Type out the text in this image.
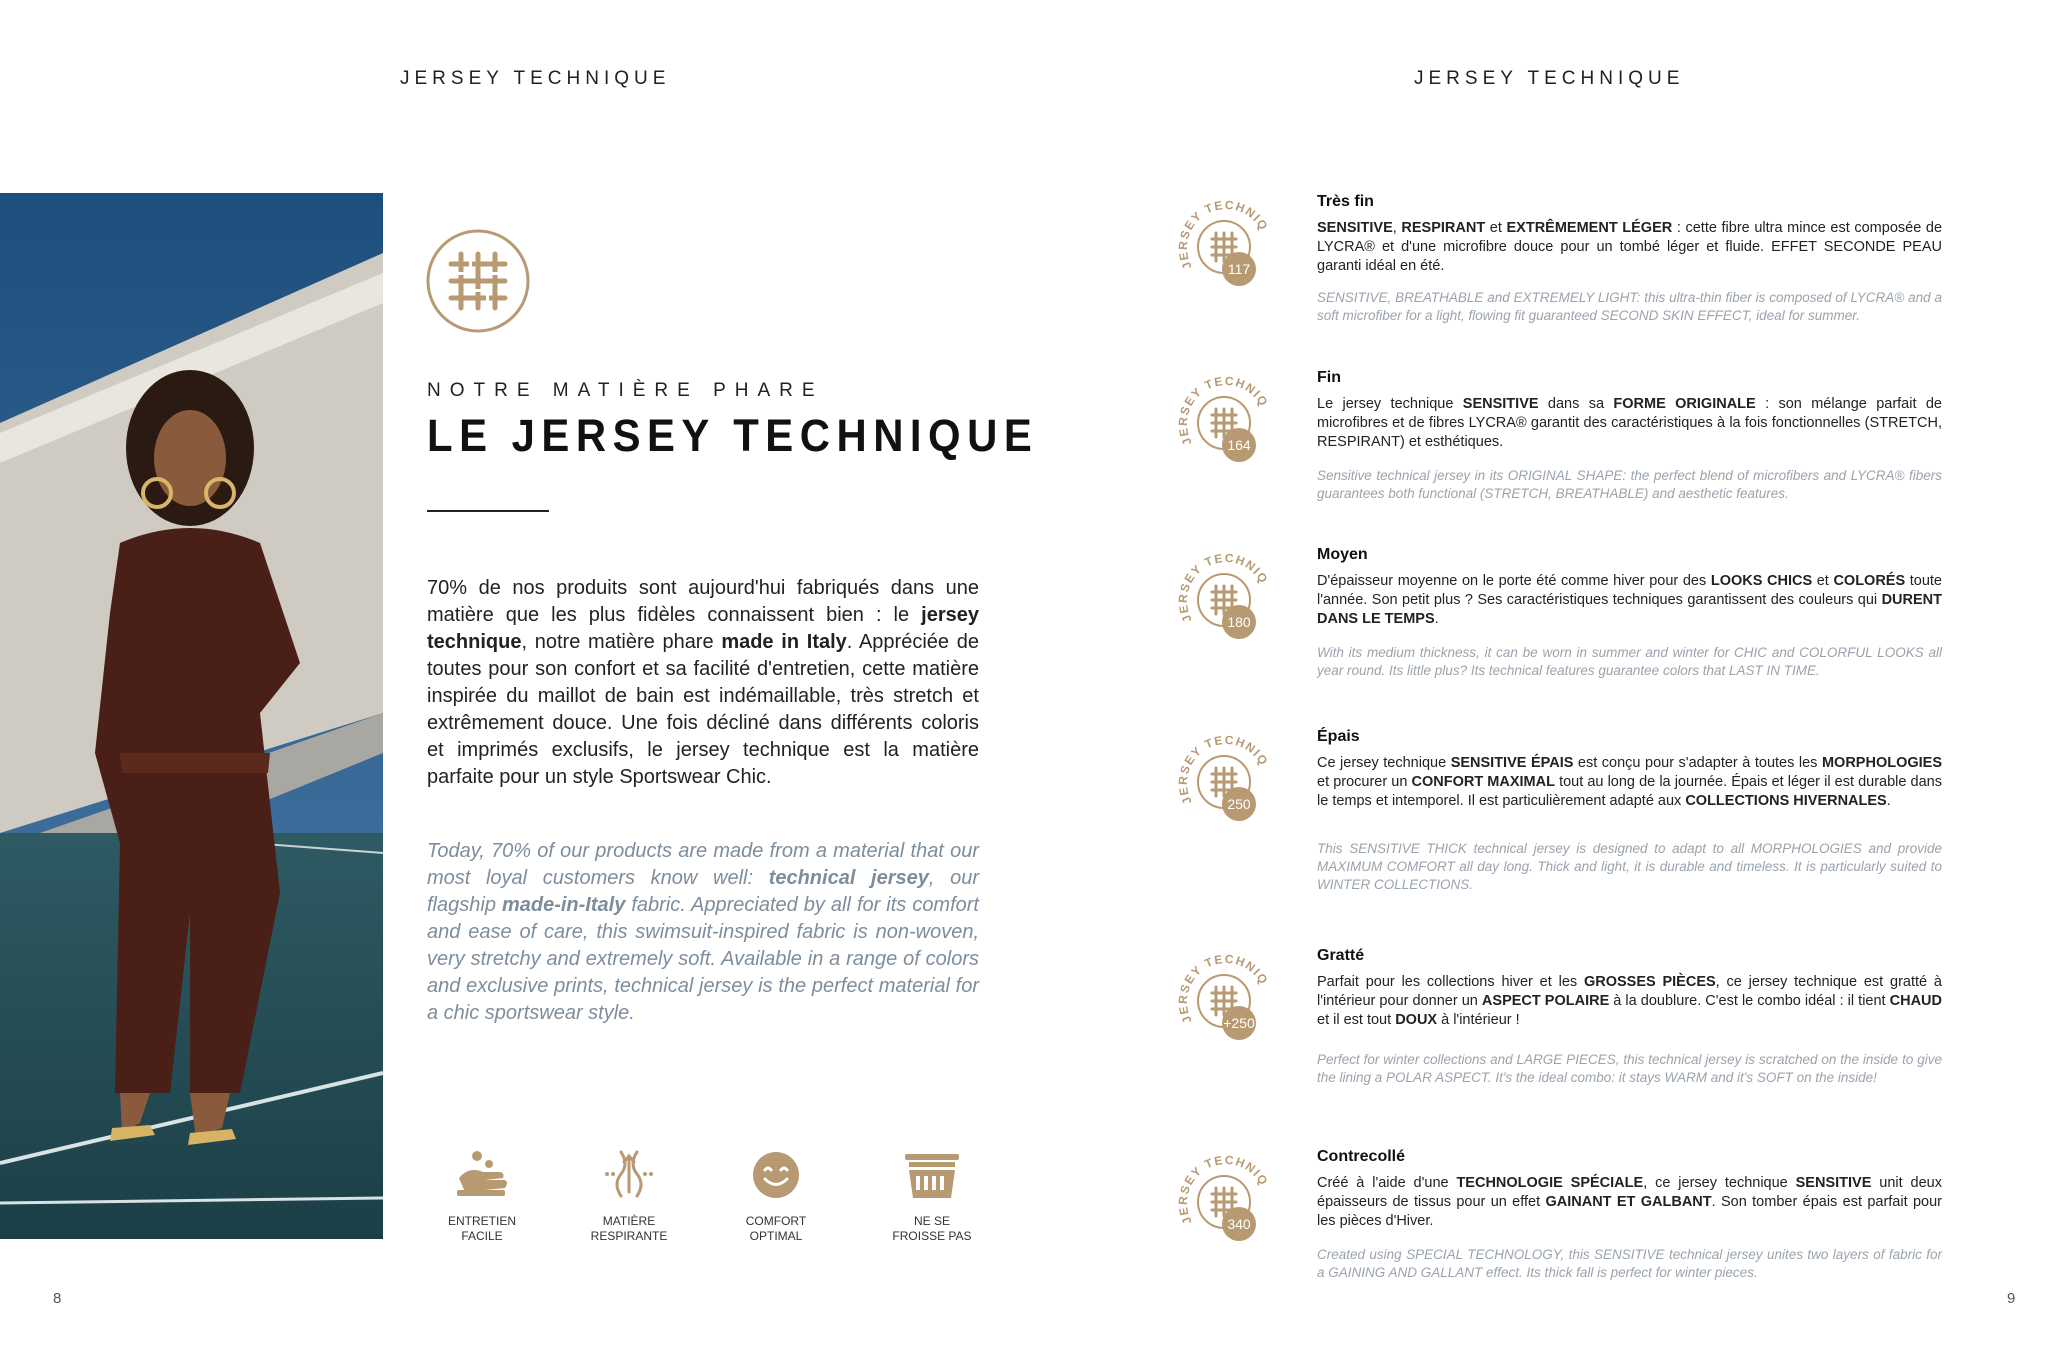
JERSEY TECHNIQUE	JERSEY TECHNIQUE
NOTRE MATIÈRE PHARE
LE JERSEY TECHNIQUE
70% de nos produits sont aujourd'hui fabriqués dans une matière que les plus fidèles connaissent bien : le jersey technique, notre matière phare made in Italy. Appréciée de toutes pour son confort et sa facilité d'entretien, cette matière inspirée du maillot de bain est indémaillable, très stretch et extrêmement douce. Une fois décliné dans différents coloris et imprimés exclusifs, le jersey technique est la matière parfaite pour un style Sportswear Chic.
Today, 70% of our products are made from a material that our most loyal customers know well: technical jersey, our flagship made-in-Italy fabric. Appreciated by all for its comfort and ease of care, this swimsuit-inspired fabric is non-woven, very stretchy and extremely soft. Available in a range of colors and exclusive prints, technical jersey is the perfect material for a chic sportswear style.
ENTRETIEN
FACILE
MATIÈRE
RESPIRANTE
COMFORT
OPTIMAL
NE SE
FROISSE PAS
8	9
JERSEY TECHNIQ
117
Très fin

SENSITIVE, RESPIRANT et EXTRÊMEMENT LÉGER : cette fibre ultra mince est composée de LYCRA® et d'une microfibre douce pour un tombé léger et fluide. EFFET SECONDE PEAU garanti idéal en été.

SENSITIVE, BREATHABLE and EXTREMELY LIGHT: this ultra-thin fiber is composed of LYCRA® and a soft microfiber for a light, flowing fit guaranteed SECOND SKIN EFFECT, ideal for summer.

JERSEY TECHNIQ
164
Fin

Le jersey technique SENSITIVE dans sa FORME ORIGINALE : son mélange parfait de microfibres et de fibres LYCRA® garantit des caractéristiques à la fois fonctionnelles (STRETCH, RESPIRANT) et esthétiques.

Sensitive technical jersey in its ORIGINAL SHAPE: the perfect blend of microfibers and LYCRA® fibers guarantees both functional (STRETCH, BREATHABLE) and aesthetic features.

JERSEY TECHNIQ
180
Moyen

D'épaisseur moyenne on le porte été comme hiver pour des LOOKS CHICS et COLORÉS toute l'année. Son petit plus ? Ses caractéristiques techniques garantissent des couleurs qui DURENT DANS LE TEMPS.

With its medium thickness, it can be worn in summer and winter for CHIC and COLORFUL LOOKS all year round. Its little plus? Its technical features guarantee colors that LAST IN TIME.

JERSEY TECHNIQ
250
Épais

Ce jersey technique SENSITIVE ÉPAIS est conçu pour s'adapter à toutes les MORPHOLOGIES et procurer un CONFORT MAXIMAL tout au long de la journée. Épais et léger il est durable dans le temps et intemporel. Il est particulièrement adapté aux COLLECTIONS HIVERNALES.

This SENSITIVE THICK technical jersey is designed to adapt to all MORPHOLOGIES and provide MAXIMUM COMFORT all day long. Thick and light, it is durable and timeless. It is particularly suited to WINTER COLLECTIONS.

JERSEY TECHNIQ
+250
Gratté

Parfait pour les collections hiver et les GROSSES PIÈCES, ce jersey technique est gratté à l'intérieur pour donner un ASPECT POLAIRE à la doublure. C'est le combo idéal : il tient CHAUD et il est tout DOUX à l'intérieur !

Perfect for winter collections and LARGE PIECES, this technical jersey is scratched on the inside to give the lining a POLAR ASPECT. It's the ideal combo: it stays WARM and it's SOFT on the inside!

JERSEY TECHNIQ
340
Contrecollé

Créé à l'aide d'une TECHNOLOGIE SPÉCIALE, ce jersey technique SENSITIVE unit deux épaisseurs de tissus pour un effet GAINANT ET GALBANT. Son tomber épais est parfait pour les pièces d'Hiver.

Created using SPECIAL TECHNOLOGY, this SENSITIVE technical jersey unites two layers of fabric for a GAINING AND GALLANT effect. Its thick fall is perfect for winter pieces.
